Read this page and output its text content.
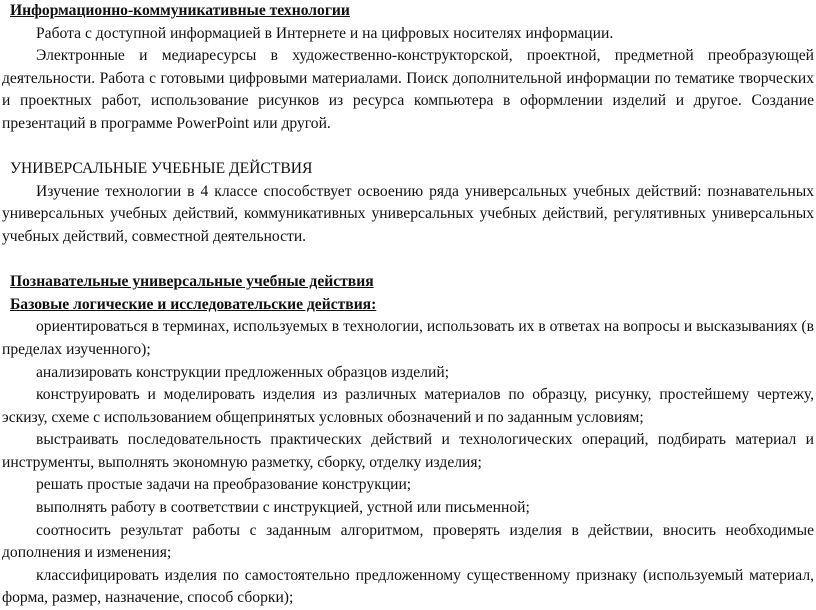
Информационно-коммуникативные технологии

Работа с доступной информацией в Интернете и на цифровых носителях информации.

Электронные и медиаресурсы в художественно-конструкторской, проектной, предметной преобразующей деятельности. Работа с готовыми цифровыми материалами. Поиск дополнительной информации по тематике творческих и проектных работ, использование рисунков из ресурса компьютера в оформлении изделий и другое. Создание презентаций в программе PowerPoint или другой.

УНИВЕРСАЛЬНЫЕ УЧЕБНЫЕ ДЕЙСТВИЯ

Изучение технологии в 4 классе способствует освоению ряда универсальных учебных действий: познавательных универсальных учебных действий, коммуникативных универсальных учебных действий, регулятивных универсальных учебных действий, совместной деятельности.

Познавательные универсальные учебные действия

Базовые логические и исследовательские действия:

ориентироваться в терминах, используемых в технологии, использовать их в ответах на вопросы и высказываниях (в пределах изученного);

анализировать конструкции предложенных образцов изделий;

конструировать и моделировать изделия из различных материалов по образцу, рисунку, простейшему чертежу, эскизу, схеме с использованием общепринятых условных обозначений и по заданным условиям;

выстраивать последовательность практических действий и технологических операций, подбирать материал и инструменты, выполнять экономную разметку, сборку, отделку изделия;

решать простые задачи на преобразование конструкции;

выполнять работу в соответствии с инструкцией, устной или письменной;

соотносить результат работы с заданным алгоритмом, проверять изделия в действии, вносить необходимые дополнения и изменения;

классифицировать изделия по самостоятельно предложенному существенному признаку (используемый материал, форма, размер, назначение, способ сборки);
